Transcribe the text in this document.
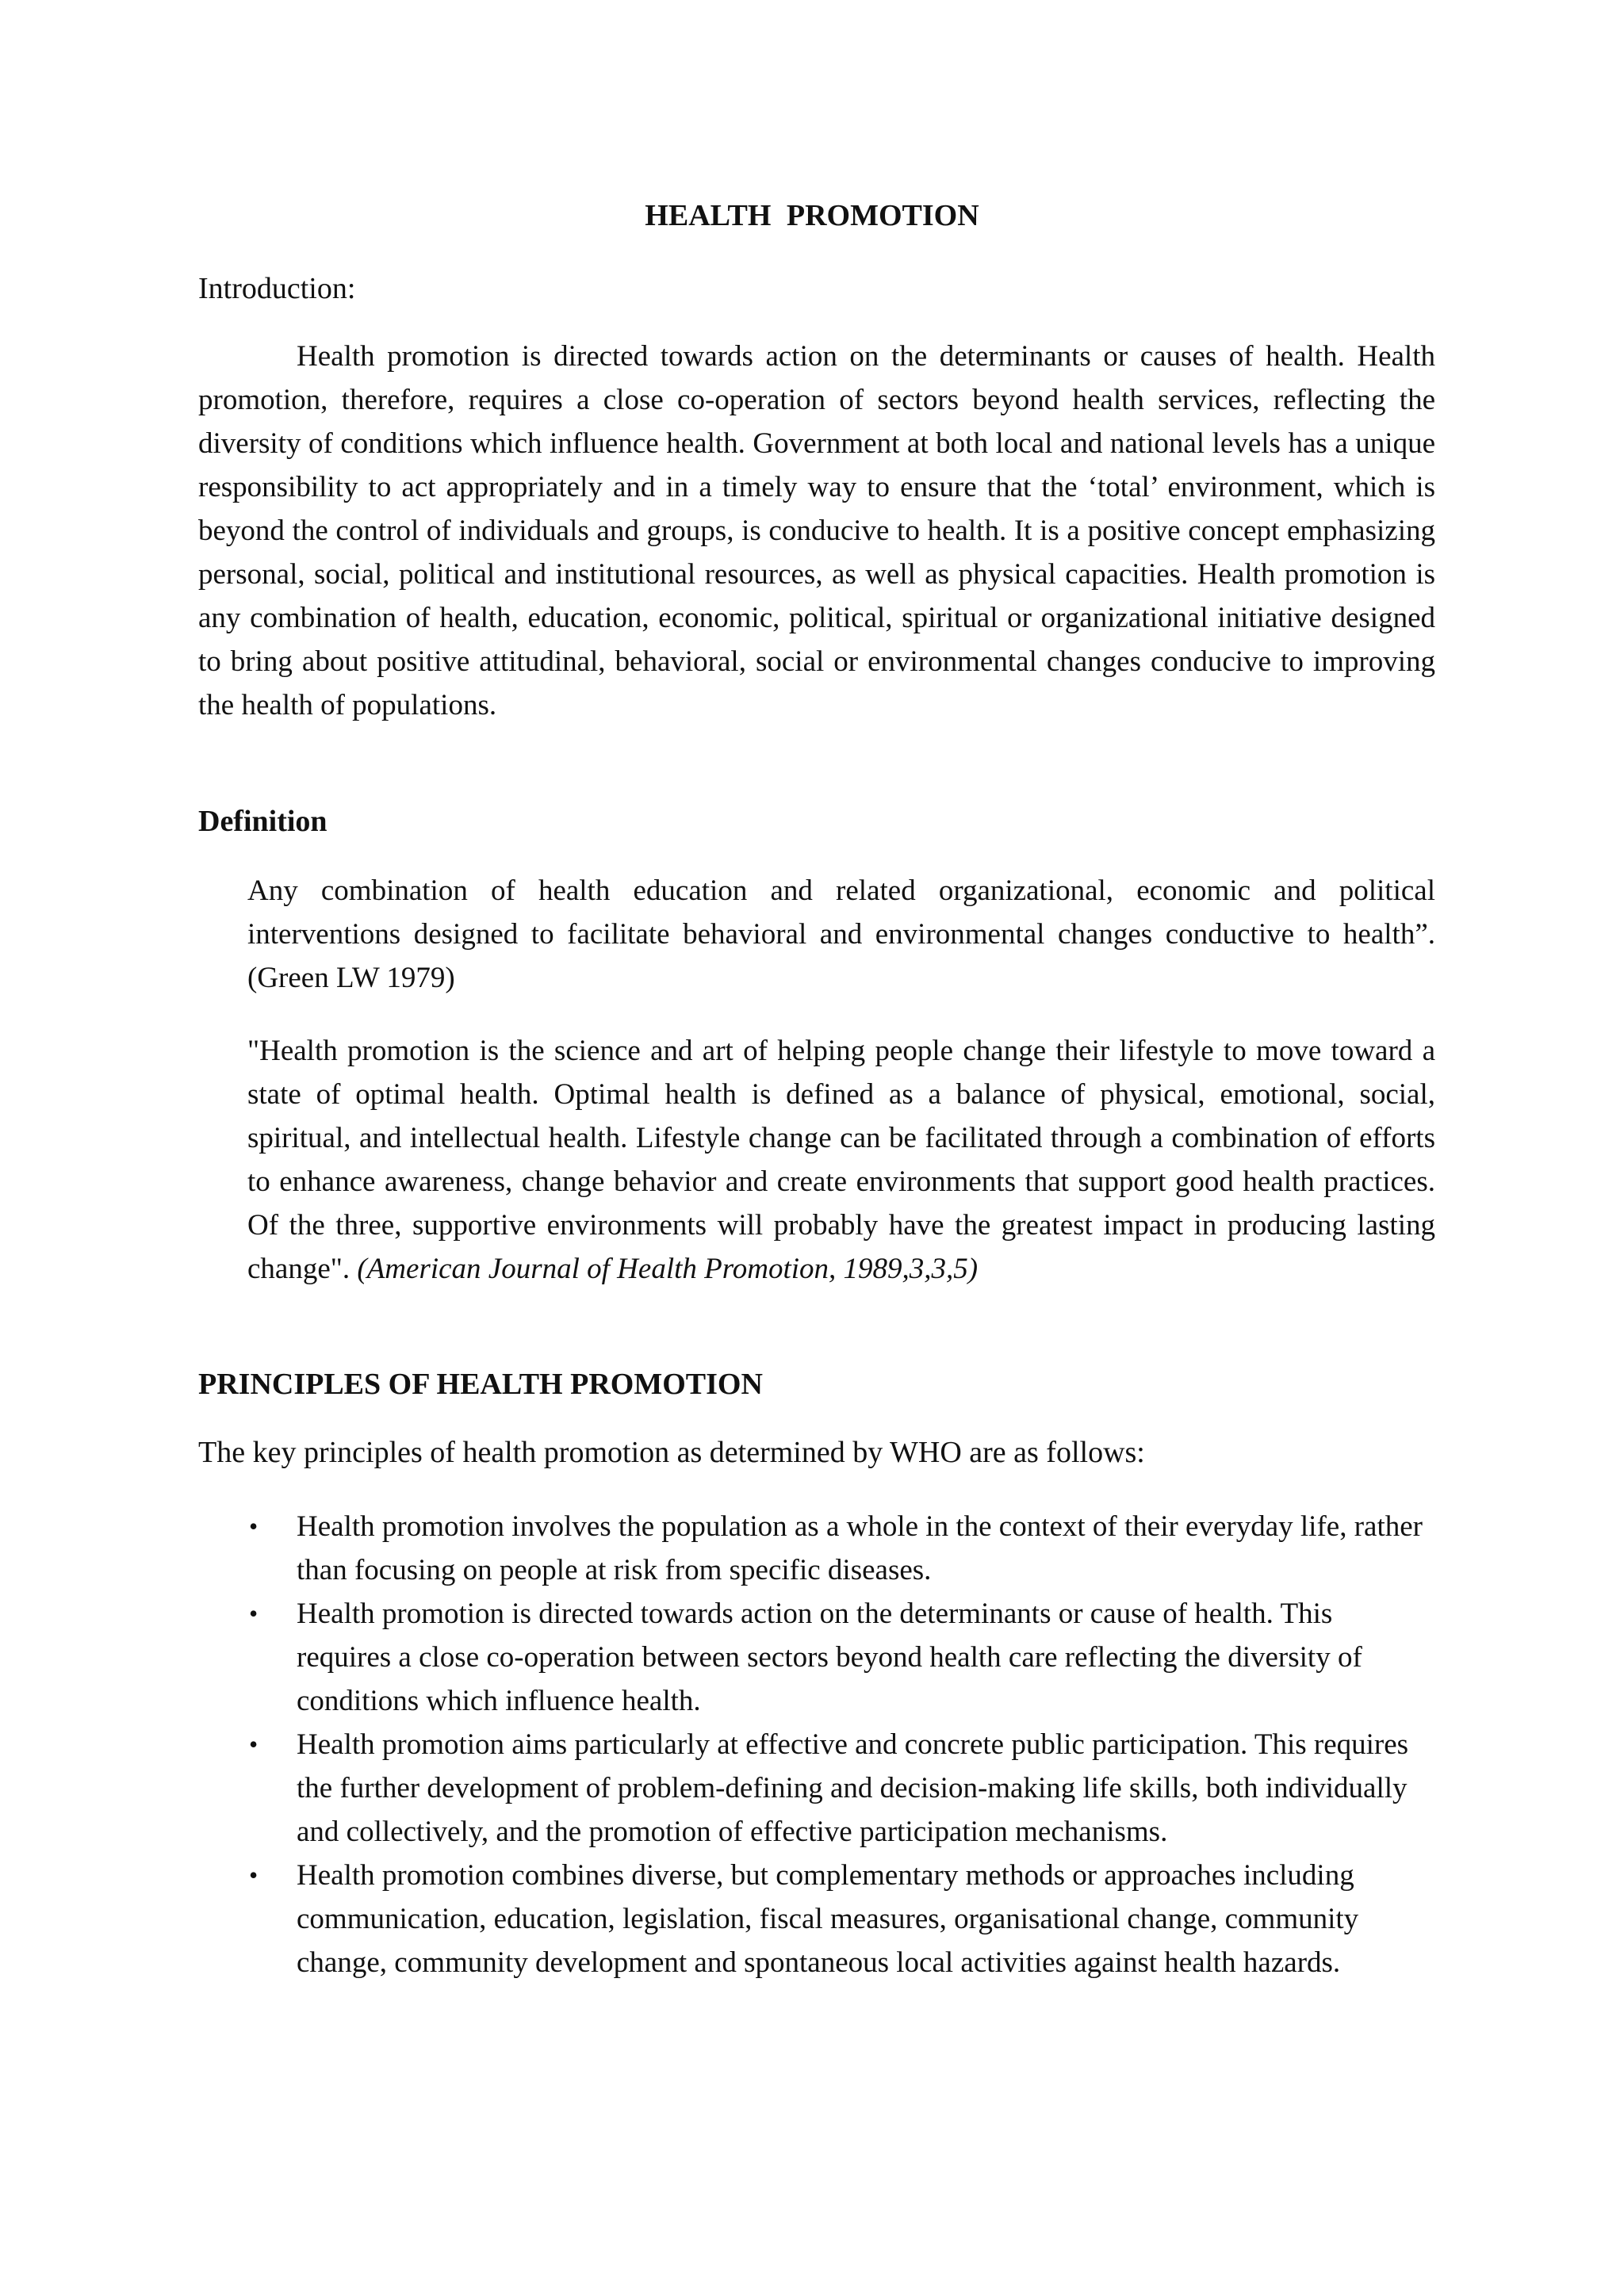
HEALTH PROMOTION
Introduction:

Health promotion is directed towards action on the determinants or causes of health. Health promotion, therefore, requires a close co-operation of sectors beyond health services, reflecting the diversity of conditions which influence health. Government at both local and national levels has a unique responsibility to act appropriately and in a timely way to ensure that the ‘total’ environment, which is beyond the control of individuals and groups, is conducive to health. It is a positive concept emphasizing personal, social, political and institutional resources, as well as physical capacities. Health promotion is any combination of health, education, economic, political, spiritual or organizational initiative designed to bring about positive attitudinal, behavioral, social or environmental changes conducive to improving the health of populations.

Definition

Any combination of health education and related organizational, economic and political interventions designed to facilitate behavioral and environmental changes conductive to health”. (Green LW 1979)

"Health promotion is the science and art of helping people change their lifestyle to move toward a state of optimal health. Optimal health is defined as a balance of physical, emotional, social, spiritual, and intellectual health. Lifestyle change can be facilitated through a combination of efforts to enhance awareness, change behavior and create environments that support good health practices. Of the three, supportive environments will probably have the greatest impact in producing lasting change". (American Journal of Health Promotion, 1989,3,3,5)

PRINCIPLES OF HEALTH PROMOTION
The key principles of health promotion as determined by WHO are as follows:
• Health promotion involves the population as a whole in the context of their everyday life, rather than focusing on people at risk from specific diseases.
• Health promotion is directed towards action on the determinants or cause of health. This requires a close co-operation between sectors beyond health care reflecting the diversity of conditions which influence health.
• Health promotion aims particularly at effective and concrete public participation. This requires the further development of problem-defining and decision-making life skills, both individually and collectively, and the promotion of effective participation mechanisms.
• Health promotion combines diverse, but complementary methods or approaches including communication, education, legislation, fiscal measures, organisational change, community change, community development and spontaneous local activities against health hazards.
